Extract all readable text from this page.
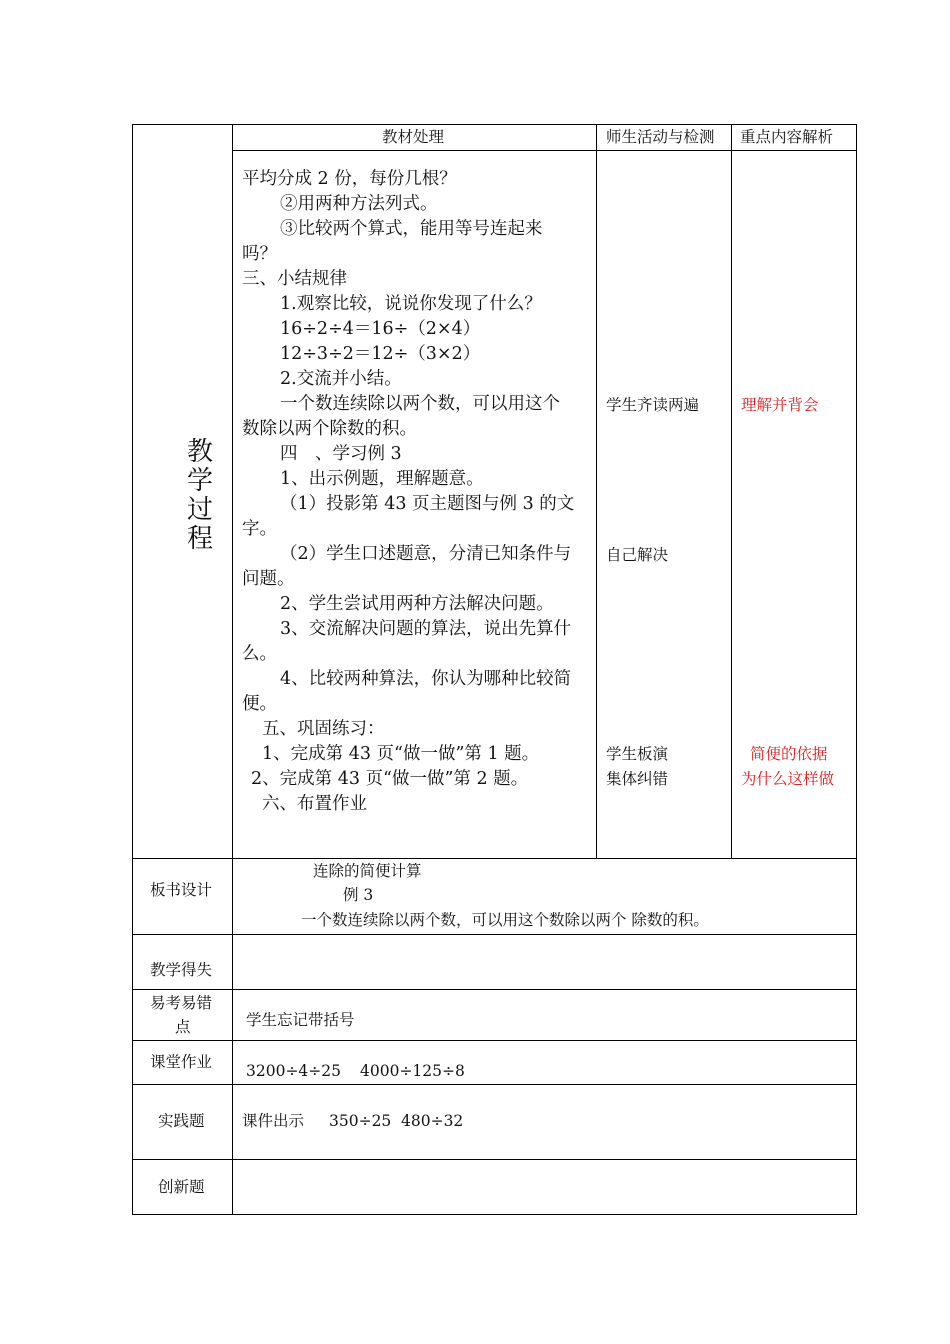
教材处理	师生活动与检测 重点内容解析
教
学
过
程
平均分成 2 份，每份几根？
②用两种方法列式。
③比较两个算式，能用等号连起来
吗？
三、小结规律
1.观察比较，说说你发现了什么？
16÷2÷4＝16÷（2×4）
12÷3÷2＝12÷（3×2）
2.交流并小结。
一个数连续除以两个数，可以用这个
数除以两个除数的积。
四　、学习例 3
1、出示例题，理解题意。
（1）投影第 43 页主题图与例 3 的文
字。
（2）学生口述题意，分清已知条件与
问题。
2、学生尝试用两种方法解决问题。
3、交流解决问题的算法，说出先算什
么。
4、比较两种算法，你认为哪种比较简
便。
五、巩固练习：
1、完成第 43 页“做一做”第 1 题。
2、完成第 43 页“做一做”第 2 题。
六、布置作业
学生齐读两遍
自己解决
学生板演
集体纠错
理解并背会
简便的依据
为什么这样做
板书设计
连除的简便计算
例 3
一个数连续除以两个数，可以用这个数除以两个 除数的积。
教学得失
易考易错
点	学生忘记带括号
课堂作业 3200÷4÷25 4000÷125÷8
实践题 课件出示 350÷25 480÷32
创新题
